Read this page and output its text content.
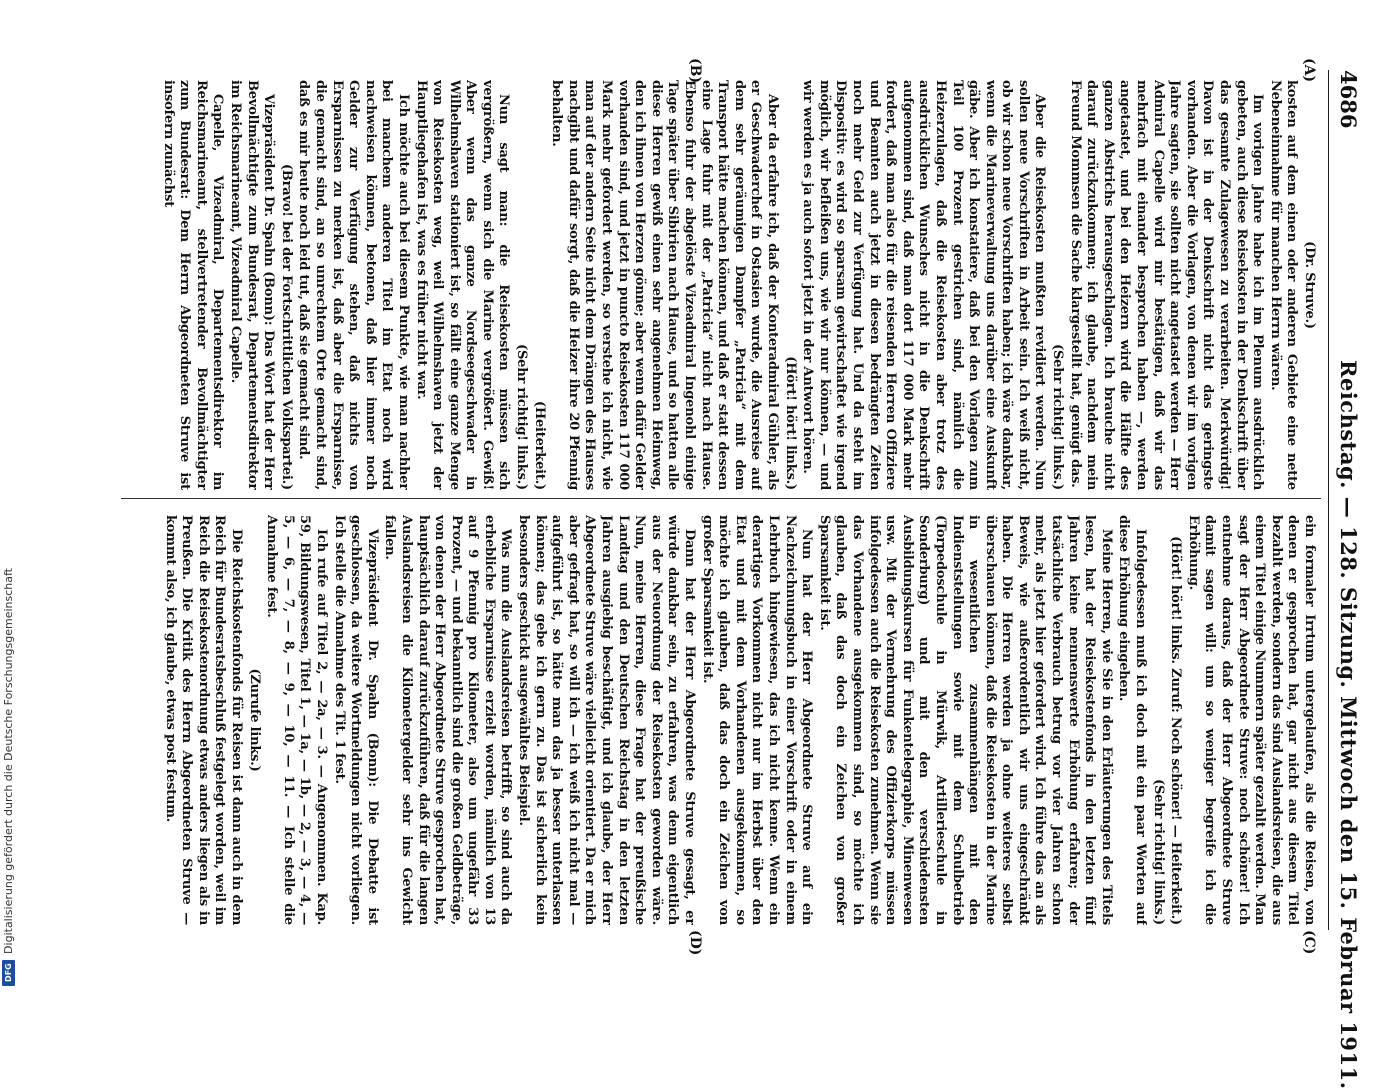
4686
Reichstag. — 128. Sitzung. Mittwoch den 15. Februar 1911.
(A)
(B)
(C)
(D)

(Dr. Struve.)

kosten auf dem einen oder anderen Gebiete eine nette Nebeneinnahme für manchen Herrn wären.

Im vorigen Jahre habe ich im Plenum ausdrücklich gebeten, auch diese Reisekosten in der Denkschrift über das gesamte Zulagewesen zu verarbeiten. Merkwürdig! Davon ist in der Denkschrift nicht das geringste vorhanden. Aber die Vorlagen, von denen wir im vorigen Jahre sagten, sie sollten nicht angetastet werden — Herr Admiral Capelle wird mir bestätigen, daß wir das mehrfach mit einander besprochen haben —, werden angetastet, und bei den Heizern wird die Hälfte des ganzen Abstrichs herausgeschlagen. Ich brauche nicht darauf zurückzukommen; ich glaube, nachdem mein Freund Mommsen die Sache klargestellt hat, genügt das.

(Sehr richtig! links.)

Aber die Reisekosten mußten revidiert werden. Nun sollen neue Vorschriften in Arbeit sein. Ich weiß nicht, ob wir schon neue Vorschriften haben; ich wäre dankbar, wenn die Marineverwaltung uns darüber eine Auskunft gäbe. Aber ich konstatiere, daß bei den Vorlagen zum Teil 100 Prozent gestrichen sind, nämlich die Heizerzulagen, daß die Reisekosten aber trotz des ausdrücklichen Wunsches nicht in die Denkschrift aufgenommen sind, daß man dort 117 000 Mark mehr fordert, daß man also für die reisenden Herren Offiziere und Beamten auch jetzt in diesen bedrängten Zeiten noch mehr Geld zur Verfügung hat. Und da steht im Dispositiv: es wird so sparsam gewirtschaftet wie irgend möglich, wir befleißen uns, wie wir nur können, — und wir werden es ja auch sofort jetzt in der Antwort hören.

(Hört! hört! links.)

Aber da erfahre ich, daß der Konteradmiral Gühler, als er Geschwaderchef in Ostasien wurde, die Ausreise auf dem sehr geräumigen Dampfer „Patricia“ mit dem Transport hätte machen können, und daß er statt dessen eine Lage fuhr mit der „Patricia“ nicht nach Hause. Ebenso fuhr der abgelöste Vizeadmiral Ingenohl einige Tage später über Sibirien nach Hause, und so hatten alle diese Herren gewiß einen sehr angenehmen Heimweg, den ich ihnen von Herzen gönne; aber wenn dafür Gelder vorhanden sind, und jetzt in puncto Reisekosten 117 000 Mark mehr gefordert werden, so verstehe ich nicht, wie man auf der andern Seite nicht dem Drängen des Hauses nachgibt und dafür sorgt, daß die Heizer ihre 20 Pfennig behalten.

(Heiterkeit.)

(Sehr richtig! links.)

Nun sagt man: die Reisekosten müssen sich vergrößern, wenn sich die Marine vergrößert. Gewiß! Aber wenn das ganze Nordseegeschwader in Wilhelmshaven stationiert ist, so fällt eine ganze Menge von Reisekosten weg, weil Wilhelmshaven jetzt der Hauptliegehafen ist, was es früher nicht war.

Ich möchte auch bei diesem Punkte, wie man nachher bei manchem anderen Titel im Etat noch wird nachweisen können, betonen, daß hier immer noch Gelder zur Verfügung stehen, daß nichts von Ersparnissen zu merken ist, daß aber die Ersparnisse, die gemacht sind, an so unrechtem Orte gemacht sind, daß es mir heute noch leid tut, daß sie gemacht sind.

(Bravo! bei der Fortschrittlichen Volkspartei.)

Vizepräsident Dr. Spahn (Bonn): Das Wort hat der Herr Bevollmächtigte zum Bundesrat, Departementsdirektor im Reichsmarineamt, Vizeadmiral Capelle.

Capelle, Vizeadmiral, Departementsdirektor im Reichsmarineamt, stellvertretender Bevollmächtigter zum Bundesrat: Dem Herrn Abgeordneten Struve ist insofern zunächst

ein formaler Irrtum untergelaufen, als die Reisen, von denen er gesprochen hat, gar nicht aus diesem Titel bezahlt werden, sondern das sind Auslandsreisen, die aus einem Titel einige Nummern später gezahlt werden. Man sagt der Herr Abgeordnete Struve: noch schöner! Ich entnehme daraus, daß der Herr Abgeordnete Struve damit sagen will: um so weniger begreife ich die Erhöhung.

(Hört! hört! links. Zuruf: Noch schöner! — Heiterkeit.)

(Sehr richtig! links.)

Infolgedessen muß ich doch mit ein paar Worten auf diese Erhöhung eingehen.

Meine Herren, wie Sie in den Erläuterungen des Titels lesen, hat der Reisekostenfonds in den letzten fünf Jahren keine nennenswerte Erhöhung erfahren; der tatsächliche Verbrauch betrug vor vier Jahren schon mehr, als jetzt hier gefordert wird. Ich führe das an als Beweis, wie außerordentlich wir uns eingeschränkt haben. Die Herren werden ja ohne weiteres selbst überschauen können, daß die Reisekosten in der Marine in wesentlichen zusammenhängen mit den Indienststellungen sowie mit dem Schulbetrieb (Torpedoschule in Mürwik, Artillerieschule in Sonderburg) und mit den verschiedensten Ausbildungskursen für Funkentelegraphie, Minenwesen usw. Mit der Vermehrung des Offizierkorps müssen infolgedessen auch die Reisekosten zunehmen. Wenn sie das Vorhandene ausgekommen sind, so möchte ich glauben, daß das doch ein Zeichen von großer Sparsamkeit ist.

Nun hat der Herr Abgeordnete Struve auf ein Nachzeichnungsbuch in einer Vorschrift oder in einem Lehrbuch hingewiesen, das ich nicht kenne. Wenn ein derartiges Vorkommen nicht nur im Herbst über den Etat und mit dem Vorhandenen ausgekommen, so möchte ich glauben, daß das doch ein Zeichen von großer Sparsamkeit ist.

Dann hat der Herr Abgeordnete Struve gesagt, er würde dankbar sein, zu erfahren, was denn eigentlich aus der Neuordnung der Reisekosten geworden wäre. Nun, meine Herren, diese Frage hat der preußische Landtag und den Deutschen Reichstag in den letzten Jahren ausgiebig beschäftigt, und ich glaube, der Herr Abgeordnete Struve wäre vielleicht orientiert. Da er mich aber gefragt hat, so will ich — ich weiß ich nicht mal — aufgeführt ist, so hätte man das ja besser unterlassen können; das gebe ich gern zu. Das ist sicherlich kein besonders geschickt ausgewähltes Beispiel.

Was nun die Auslandsreisen betrifft, so sind auch da erhebliche Ersparnisse erzielt worden, nämlich von 13 auf 9 Pfennig pro Kilometer, also um ungefähr 33 Prozent, — und bekanntlich sind die großen Geldbeträge, von denen der Herr Abgeordnete Struve gesprochen hat, hauptsächlich darauf zurückzuführen, daß für die langen Auslandsreisen die Kilometergelder sehr ins Gewicht fallen.

Vizepräsident Dr. Spahn (Bonn): Die Debatte ist geschlossen, da weitere Wortmeldungen nicht vorliegen. Ich stelle die Annahme des Tit. 1 fest.

Ich rufe auf Titel 2, — 2a, — 3. — Angenommen. Kap. 59, Bildungswesen, Titel 1, — 1a, — 1b, — 2, — 3, — 4, — 5, — 6, — 7, — 8, — 9, — 10, — 11. — Ich stelle die Annahme fest.

(Zurufe links.)

Die Reichskostenfonds für Reisen ist dann auch in dem Reich für Bundesratsbeschluß festgelegt worden, weil im Reich die Reisekostenordnung etwas anders liegen als in Preußen. Die Kritik des Herrn Abgeordneten Struve — kommt also, ich glaube, etwas post festum.

DFG
Digitalisierung gefördert durch die Deutsche Forschungsgemeinschaft
